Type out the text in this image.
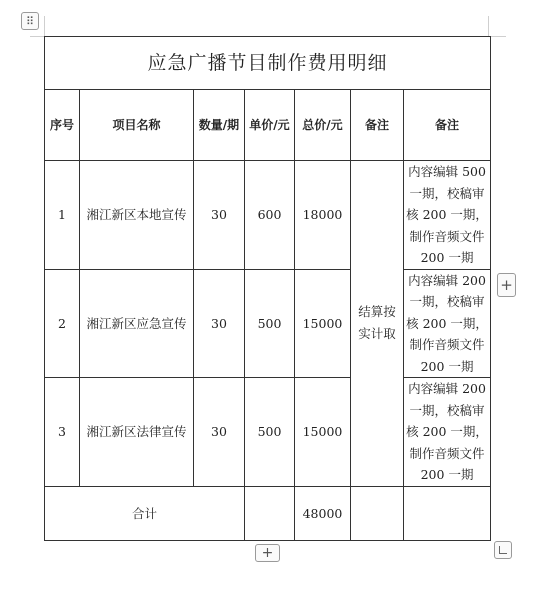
⠿
应急广播节目制作费用明细						
序号	项目名称	数量/期	单价/元	总价/元	备注	备注
1	湘江新区本地宣传	30	600	18000	结算按实计取	内容编辑 500 一期，校稿审核 200 一期，制作音频文件 200 一期
2	湘江新区应急宣传	30	500	15000		内容编辑 200 一期，校稿审核 200 一期，制作音频文件 200 一期
3	湘江新区法律宣传	30	500	15000		内容编辑 200 一期，校稿审核 200 一期，制作音频文件 200 一期
合计				48000		
+
+
